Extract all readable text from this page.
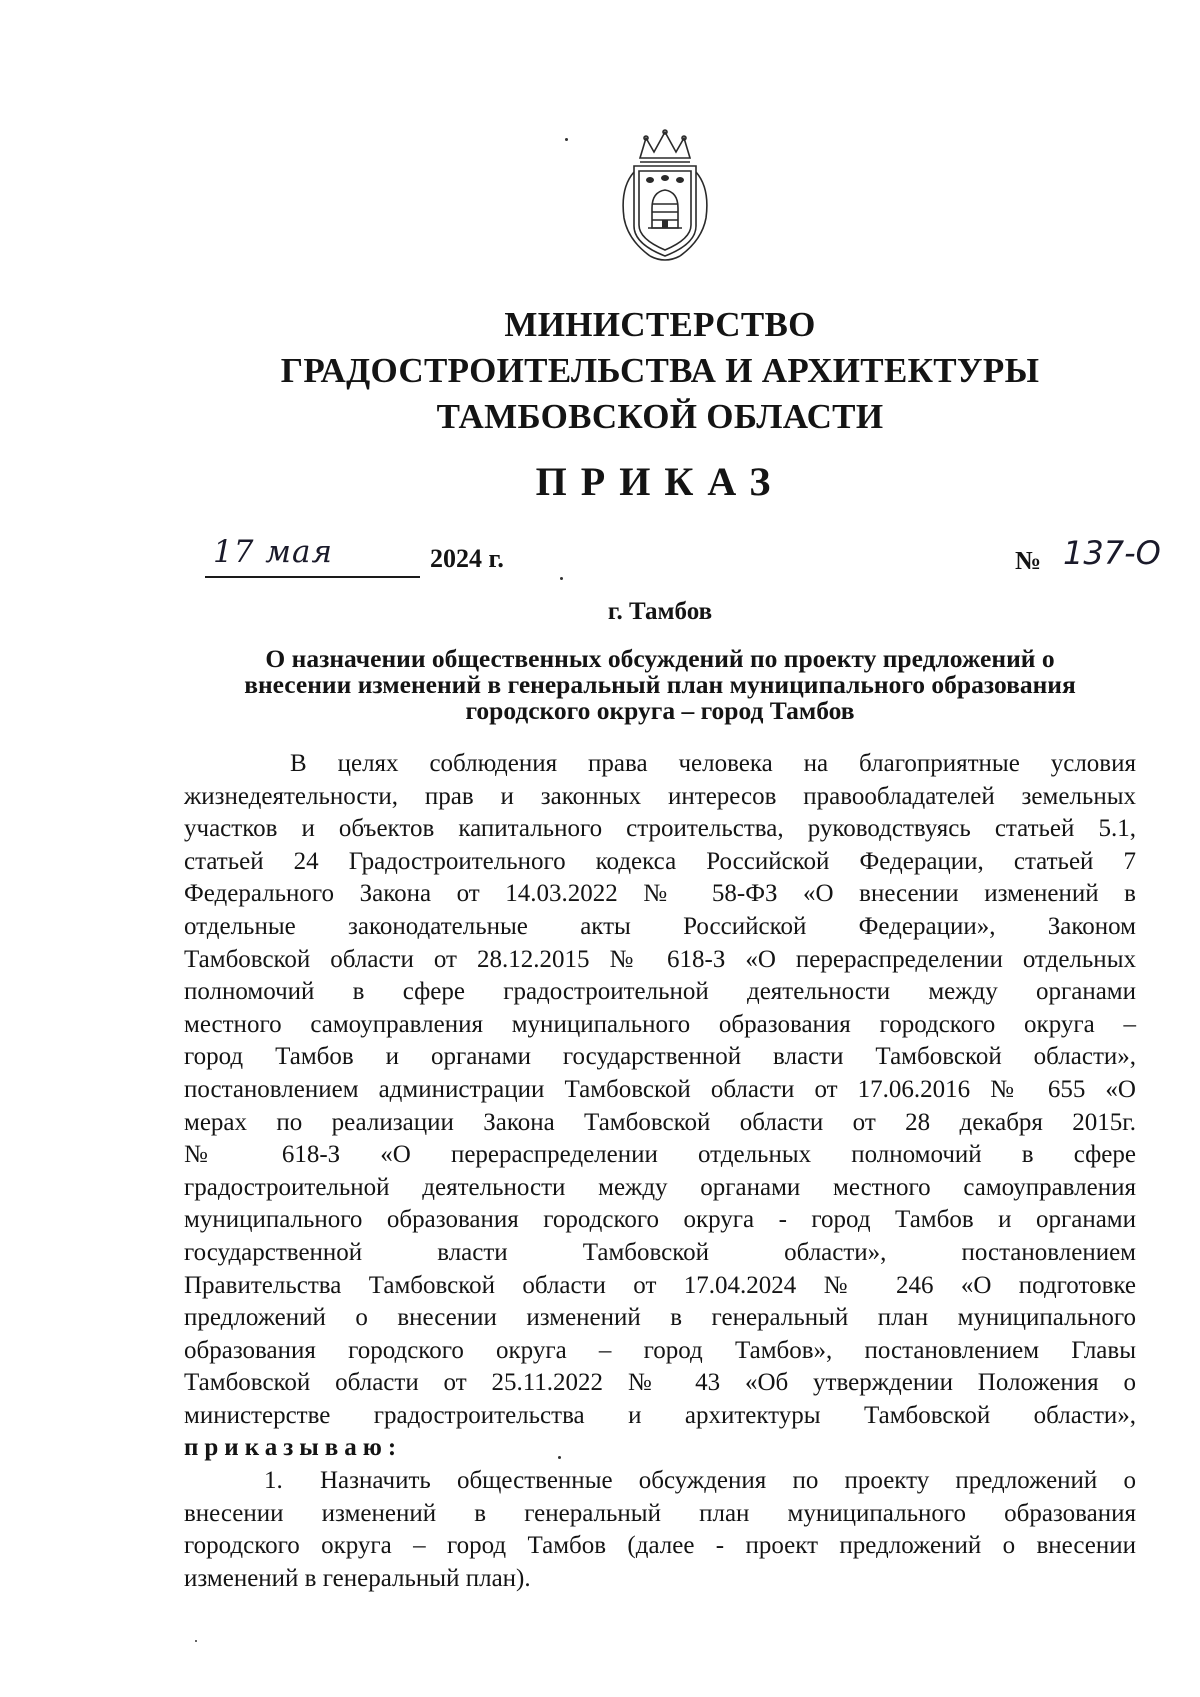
МИНИСТЕРСТВО
ГРАДОСТРОИТЕЛЬСТВА И АРХИТЕКТУРЫ
ТАМБОВСКОЙ ОБЛАСТИ
ПРИКАЗ
17 мая	2024 г.	№ 137-О
г. Тамбов
О назначении общественных обсуждений по проекту предложений о
внесении изменений в генеральный план муниципального образования
городского округа – город Тамбов
В целях соблюдения права человека на благоприятные условия
жизнедеятельности, прав и законных интересов правообладателей земельных
участков и объектов капитального строительства, руководствуясь статьей 5.1,
статьей 24 Градостроительного кодекса Российской Федерации, статьей 7
Федерального Закона от 14.03.2022 № 58-ФЗ «О внесении изменений в
отдельные законодательные акты Российской Федерации», Законом
Тамбовской области от 28.12.2015 № 618-З «О перераспределении отдельных
полномочий в сфере градостроительной деятельности между органами
местного самоуправления муниципального образования городского округа –
город Тамбов и органами государственной власти Тамбовской области»,
постановлением администрации Тамбовской области от 17.06.2016 № 655 «О
мерах по реализации Закона Тамбовской области от 28 декабря 2015г.
№ 618-З «О перераспределении отдельных полномочий в сфере
градостроительной деятельности между органами местного самоуправления
муниципального образования городского округа - город Тамбов и органами
государственной власти Тамбовской области», постановлением
Правительства Тамбовской области от 17.04.2024 № 246 «О подготовке
предложений о внесении изменений в генеральный план муниципального
образования городского округа – город Тамбов», постановлением Главы
Тамбовской области от 25.11.2022 № 43 «Об утверждении Положения о
министерстве градостроительства и архитектуры Тамбовской области»,
приказываю:
1. Назначить общественные обсуждения по проекту предложений о
внесении изменений в генеральный план муниципального образования
городского округа – город Тамбов (далее - проект предложений о внесении
изменений в генеральный план).
